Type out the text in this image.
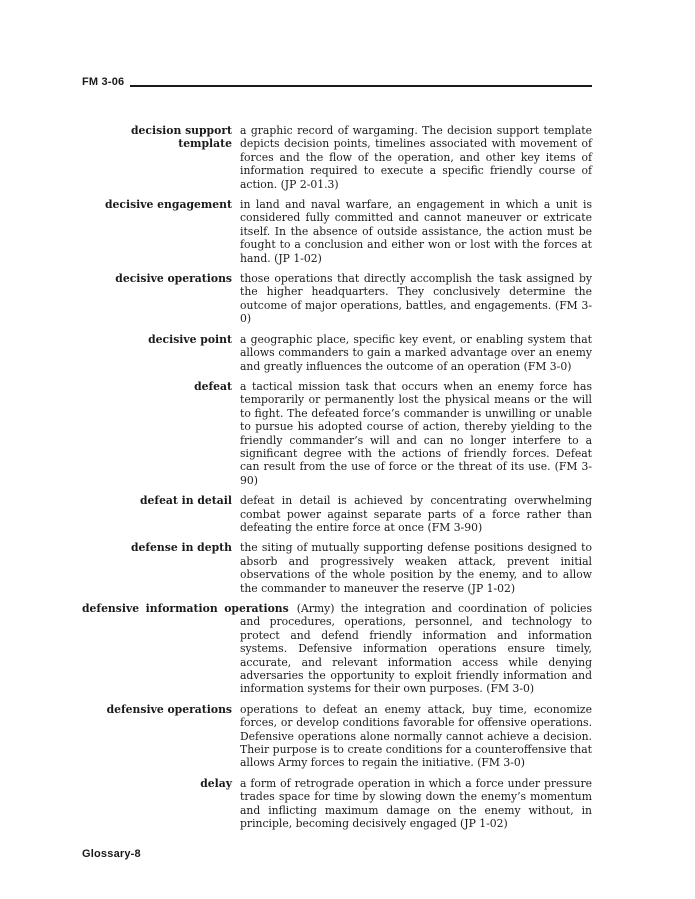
FM 3-06
decision support template
a graphic record of wargaming. The decision support template depicts decision points, timelines associated with movement of forces and the flow of the operation, and other key items of information required to execute a specific friendly course of action. (JP 2-01.3)
decisive engagement in land and naval warfare, an engagement in which a unit is considered fully committed and cannot maneuver or extricate itself. In the absence of outside assistance, the action must be fought to a conclusion and either won or lost with the forces at hand. (JP 1-02)
decisive operations those operations that directly accomplish the task assigned by the higher headquarters. They conclusively determine the outcome of major operations, battles, and engagements. (FM 3-0)
decisive point a geographic place, specific key event, or enabling system that allows commanders to gain a marked advantage over an enemy and greatly influences the outcome of an operation (FM 3-0)
defeat a tactical mission task that occurs when an enemy force has temporarily or permanently lost the physical means or the will to fight. The defeated force’s commander is unwilling or unable to pursue his adopted course of action, thereby yielding to the friendly commander’s will and can no longer interfere to a significant degree with the actions of friendly forces. Defeat can result from the use of force or the threat of its use. (FM 3-90)
defeat in detail defeat in detail is achieved by concentrating overwhelming combat power against separate parts of a force rather than defeating the entire force at once (FM 3-90)
defense in depth the siting of mutually supporting defense positions designed to absorb and progressively weaken attack, prevent initial observations of the whole position by the enemy, and to allow the commander to maneuver the reserve (JP 1-02)
defensive information operations (Army) the integration and coordination of policies and procedures, operations, personnel, and technology to protect and defend friendly information and information systems. Defensive information operations ensure timely, accurate, and relevant information access while denying adversaries the opportunity to exploit friendly information and information systems for their own purposes. (FM 3-0)
defensive operations operations to defeat an enemy attack, buy time, economize forces, or develop conditions favorable for offensive operations. Defensive operations alone normally cannot achieve a decision. Their purpose is to create conditions for a counteroffensive that allows Army forces to regain the initiative. (FM 3-0)
delay a form of retrograde operation in which a force under pressure trades space for time by slowing down the enemy’s momentum and inflicting maximum damage on the enemy without, in principle, becoming decisively engaged (JP 1-02)
Glossary-8
